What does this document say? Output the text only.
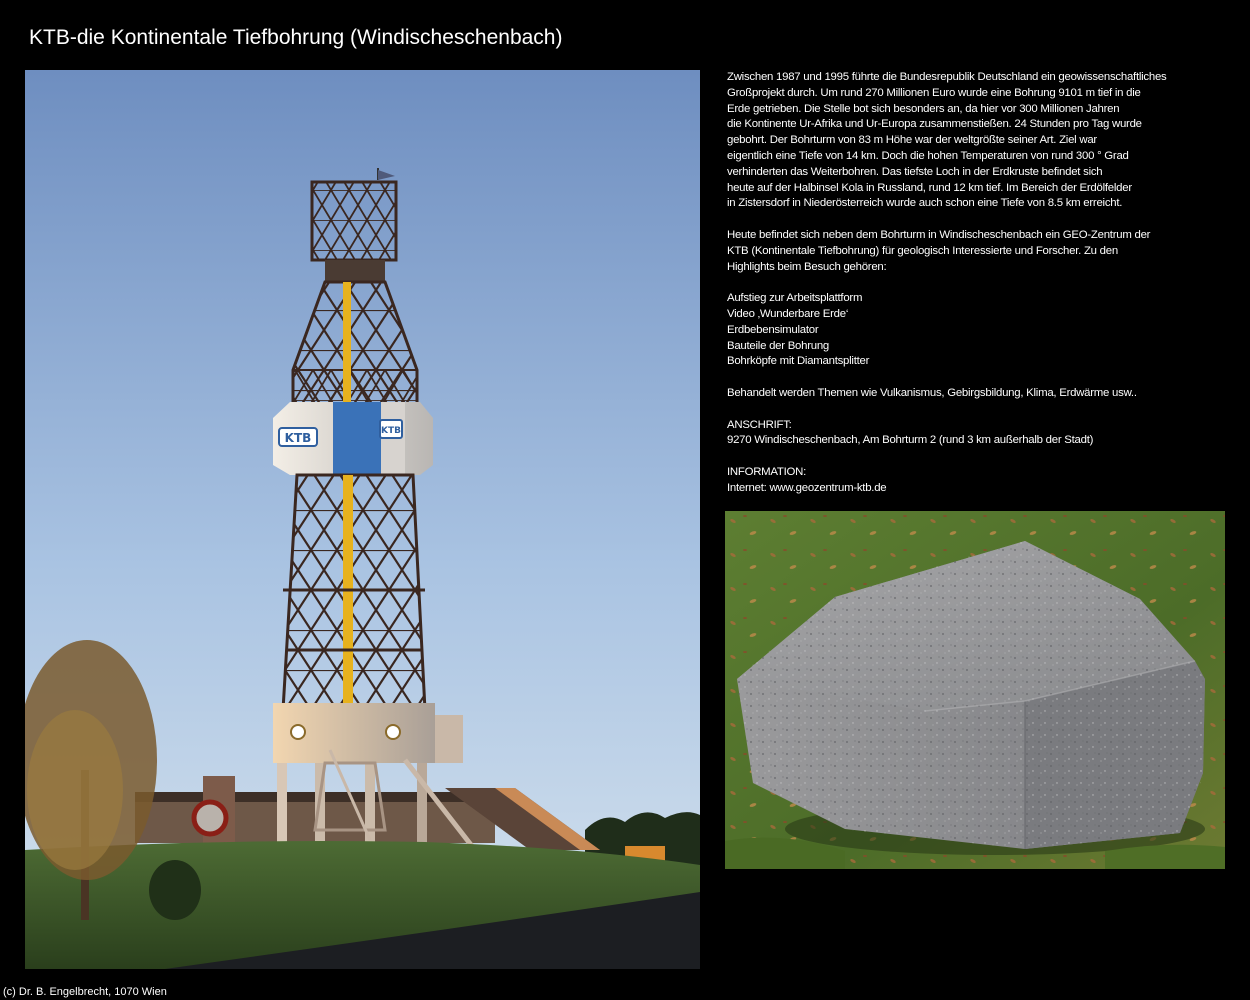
KTB-die Kontinentale Tiefbohrung (Windischeschenbach)
KTB	KTB

Zwischen 1987 und 1995 führte die Bundesrepublik Deutschland ein geowissenschaftliches
Großprojekt durch. Um rund 270 Millionen Euro wurde eine Bohrung 9101 m tief in die
Erde getrieben. Die Stelle bot sich besonders an, da hier vor 300 Millionen Jahren
die Kontinente Ur-Afrika und Ur-Europa zusammenstießen. 24 Stunden pro Tag wurde
gebohrt. Der Bohrturm von 83 m Höhe war der weltgrößte seiner Art. Ziel war
eigentlich eine Tiefe von 14 km. Doch die hohen Temperaturen von rund 300 ° Grad
verhinderten das Weiterbohren. Das tiefste Loch in der Erdkruste befindet sich
heute auf der Halbinsel Kola in Russland, rund 12 km tief. Im Bereich der Erdölfelder
in Zistersdorf in Niederösterreich wurde auch schon eine Tiefe von 8.5 km erreicht.

Heute befindet sich neben dem Bohrturm in Windischeschenbach ein GEO-Zentrum der
KTB (Kontinentale Tiefbohrung) für geologisch Interessierte und Forscher. Zu den
Highlights beim Besuch gehören:

Aufstieg zur Arbeitsplattform
Video ‚Wunderbare Erde‘
Erdbebensimulator
Bauteile der Bohrung
Bohrköpfe mit Diamantsplitter

Behandelt werden Themen wie Vulkanismus, Gebirgsbildung, Klima, Erdwärme usw..

ANSCHRIFT:
9270 Windischeschenbach, Am Bohrturm 2 (rund 3 km außerhalb der Stadt)

INFORMATION:
Internet: www.geozentrum-ktb.de

(c) Dr. B. Engelbrecht, 1070 Wien
